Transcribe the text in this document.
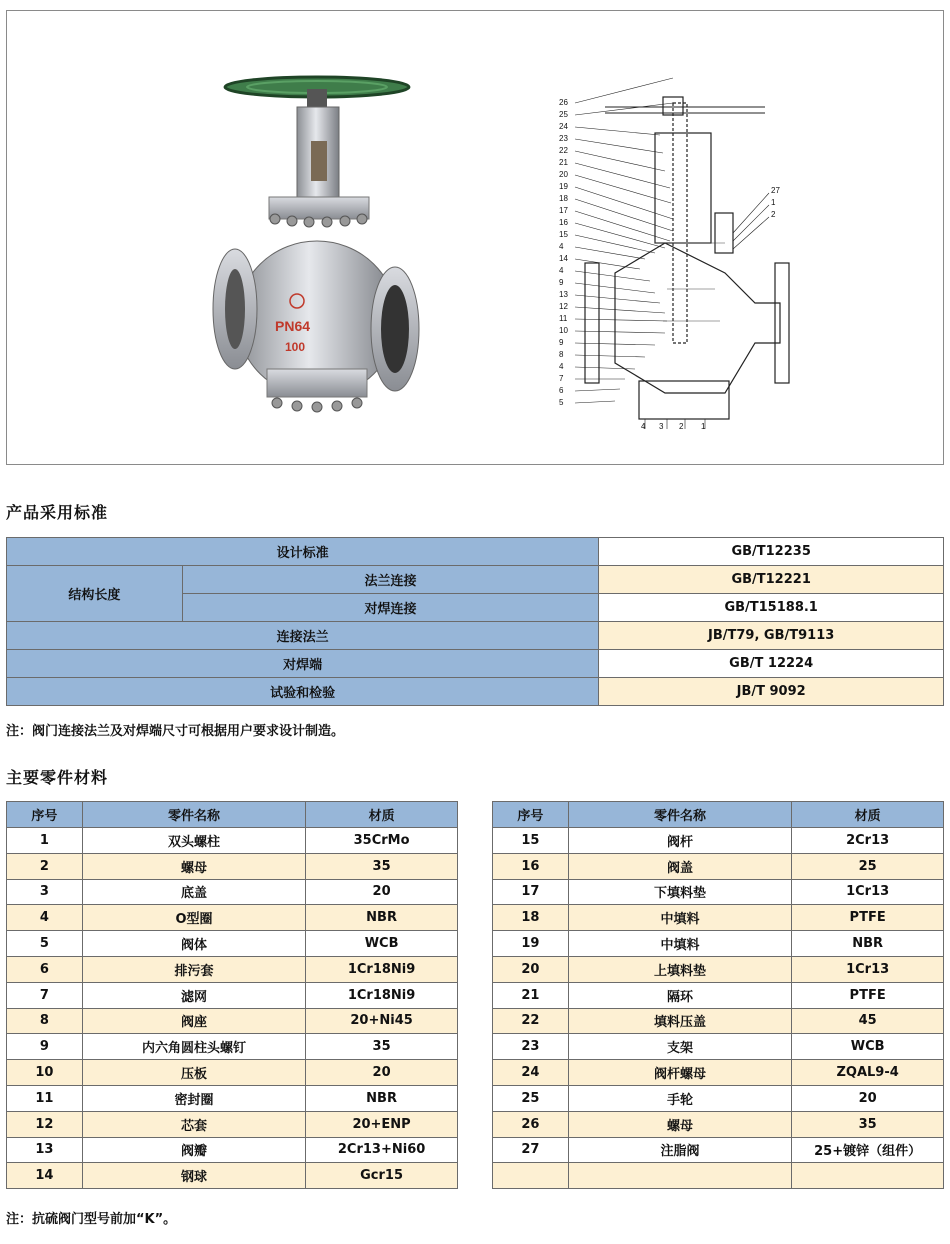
PN64
100
26
25
24
23
22
21
20
19
18
17
16
15
4
14
4
9
13
12
11
10
9
8
4
7
6
5
27
1
2
4 3 2 1
产品采用标准
设计标准		GB/T12235
结构长度	法兰连接	GB/T12221
	对焊连接	GB/T15188.1
连接法兰		JB/T79, GB/T9113
对焊端		GB/T 12224
试验和检验		JB/T 9092
注：阀门连接法兰及对焊端尺寸可根据用户要求设计制造。
主要零件材料
序号	零件名称	材质
1	双头螺柱	35CrMo
2	螺母	35
3	底盖	20
4	O型圈	NBR
5	阀体	WCB
6	排污套	1Cr18Ni9
7	滤网	1Cr18Ni9
8	阀座	20+Ni45
9	内六角圆柱头螺钉	35
10	压板	20
11	密封圈	NBR
12	芯套	20+ENP
13	阀瓣	2Cr13+Ni60
14	钢球	Gcr15
序号	零件名称	材质
15	阀杆	2Cr13
16	阀盖	25
17	下填料垫	1Cr13
18	中填料	PTFE
19	中填料	NBR
20	上填料垫	1Cr13
21	隔环	PTFE
22	填料压盖	45
23	支架	WCB
24	阀杆螺母	ZQAL9-4
25	手轮	20
26	螺母	35
27	注脂阀	25+镀锌（组件）

注：抗硫阀门型号前加“K”。
